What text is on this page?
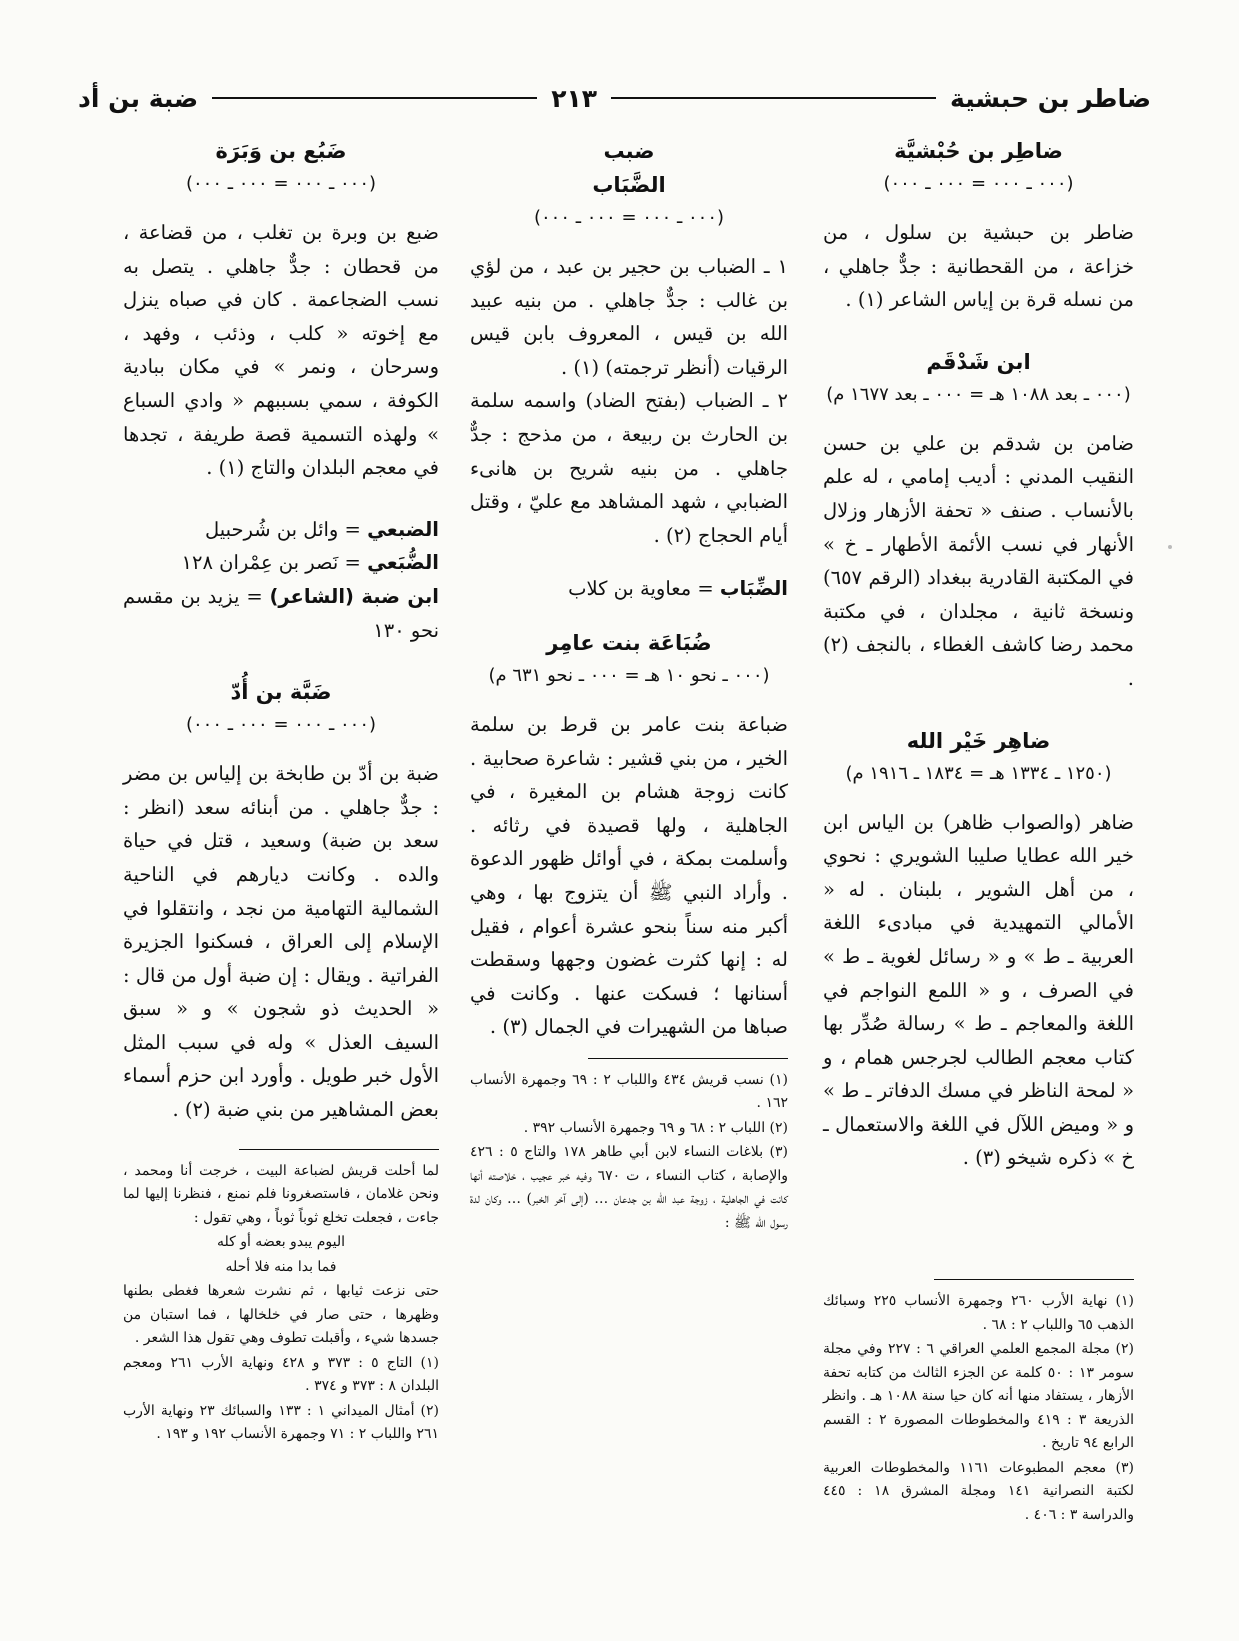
ضاطر بن حبشية
٢١٣
ضبة بن أد
ضاطِر بن حُبْشيَّة
(٠٠٠ ـ ٠٠٠ = ٠٠٠ ـ ٠٠٠)

ضاطر بن حبشية بن سلول ، من خزاعة ، من القحطانية : جدٌّ جاهلي ، من نسله قرة بن إياس الشاعر (١) .

ابن شَدْقَم
(٠٠٠ ـ بعد ١٠٨٨ هـ = ٠٠٠ ـ بعد ١٦٧٧ م)

ضامن بن شدقم بن علي بن حسن النقيب المدني : أديب إمامي ، له علم بالأنساب . صنف « تحفة الأزهار وزلال الأنهار في نسب الأئمة الأطهار ـ خ » في المكتبة القادرية ببغداد (الرقم ٦٥٧) ونسخة ثانية ، مجلدان ، في مكتبة محمد رضا كاشف الغطاء ، بالنجف (٢) .

ضاهِر خَيْر الله
(١٢٥٠ ـ ١٣٣٤ هـ = ١٨٣٤ ـ ١٩١٦ م)

ضاهر (والصواب ظاهر) بن الياس ابن خير الله عطايا صليبا الشويري : نحوي ، من أهل الشوير ، بلبنان . له « الأمالي التمهيدية في مبادىء اللغة العربية ـ ط » و « رسائل لغوية ـ ط » في الصرف ، و « اللمع النواجم في اللغة والمعاجم ـ ط » رسالة صُدِّر بها كتاب معجم الطالب لجرجس همام ، و « لمحة الناظر في مسك الدفاتر ـ ط » و « وميض اللآل في اللغة والاستعمال ـ خ » ذكره شيخو (٣) .

(١) نهاية الأرب ٢٦٠ وجمهرة الأنساب ٢٢٥ وسبائك الذهب ٦٥ واللباب ٢ : ٦٨ .

(٢) مجلة المجمع العلمي العراقي ٦ : ٢٢٧ وفي مجلة سومر ١٣ : ٥٠ كلمة عن الجزء الثالث من كتابه تحفة الأزهار ، يستفاد منها أنه كان حيا سنة ١٠٨٨ هـ . وانظر الذريعة ٣ : ٤١٩ والمخطوطات المصورة ٢ : القسم الرابع ٩٤ تاريخ .

(٣) معجم المطبوعات ١١٦١ والمخطوطات العربية لكتبة النصرانية ١٤١ ومجلة المشرق ١٨ : ٤٤٥ والدراسة ٣ : ٤٠٦ .

ضبب
الضَّبَاب
(٠٠٠ ـ ٠٠٠ = ٠٠٠ ـ ٠٠٠)

١ ـ الضباب بن حجير بن عبد ، من لؤي بن غالب : جدٌّ جاهلي . من بنيه عبيد الله بن قيس ، المعروف بابن قيس الرقيات (أنظر ترجمته) (١) .

٢ ـ الضباب (بفتح الضاد) واسمه سلمة بن الحارث بن ربيعة ، من مذحج : جدٌّ جاهلي . من بنيه شريح بن هانىء الضبابي ، شهد المشاهد مع عليّ ، وقتل أيام الحجاج (٢) .

الضِّبَاب = معاوية بن كلاب

ضُبَاعَة بنت عامِر
(٠٠٠ ـ نحو ١٠ هـ = ٠٠٠ ـ نحو ٦٣١ م)

ضباعة بنت عامر بن قرط بن سلمة الخير ، من بني قشير : شاعرة صحابية . كانت زوجة هشام بن المغيرة ، في الجاهلية ، ولها قصيدة في رثائه . وأسلمت بمكة ، في أوائل ظهور الدعوة . وأراد النبي ﷺ أن يتزوج بها ، وهي أكبر منه سناً بنحو عشرة أعوام ، فقيل له : إنها كثرت غضون وجهها وسقطت أسنانها ؛ فسكت عنها . وكانت في صباها من الشهيرات في الجمال (٣) .

(١) نسب قريش ٤٣٤ واللباب ٢ : ٦٩ وجمهرة الأنساب ١٦٢ .

(٢) اللباب ٢ : ٦٨ و ٦٩ وجمهرة الأنساب ٣٩٢ .

(٣) بلاغات النساء لابن أبي طاهر ١٧٨ والتاج ٥ : ٤٢٦ والإصابة ، كتاب النساء ، ت ٦٧٠ وفيه خبر عجيب ، خلاصته أنها كانت في الجاهلية ، زوجة عبد الله بن جدعان … (إلى آخر الخبر) … وكان لدة رسول الله ﷺ :

ضَبُع بن وَبَرَة
(٠٠٠ ـ ٠٠٠ = ٠٠٠ ـ ٠٠٠)

ضبع بن وبرة بن تغلب ، من قضاعة ، من قحطان : جدٌّ جاهلي . يتصل به نسب الضجاعمة . كان في صباه ينزل مع إخوته « كلب ، وذئب ، وفهد ، وسرحان ، ونمر » في مكان ببادية الكوفة ، سمي بسببهم « وادي السباع » ولهذه التسمية قصة طريفة ، تجدها في معجم البلدان والتاج (١) .

الضبعي = وائل بن شُرحبيل

الضُّبَعي = نَصر بن عِمْران ١٢٨

ابن ضبة (الشاعر) = يزيد بن مقسم نحو ١٣٠

ضَبَّة بن أُدّ
(٠٠٠ ـ ٠٠٠ = ٠٠٠ ـ ٠٠٠)

ضبة بن أدّ بن طابخة بن إلياس بن مضر : جدٌّ جاهلي . من أبنائه سعد (انظر : سعد بن ضبة) وسعيد ، قتل في حياة والده . وكانت ديارهم في الناحية الشمالية التهامية من نجد ، وانتقلوا في الإسلام إلى العراق ، فسكنوا الجزيرة الفراتية . ويقال : إن ضبة أول من قال : « الحديث ذو شجون » و « سبق السيف العذل » وله في سبب المثل الأول خبر طويل . وأورد ابن حزم أسماء بعض المشاهير من بني ضبة (٢) .

لما أحلت قريش لضباعة البيت ، خرجت أنا ومحمد ، ونحن غلامان ، فاستصغرونا فلم نمنع ، فنظرنا إليها لما جاءت ، فجعلت تخلع ثوباً ثوباً ، وهي تقول :

اليوم يبدو بعضه أو كله

فما بدا منه فلا أحله

حتى نزعت ثيابها ، ثم نشرت شعرها فغطى بطنها وظهرها ، حتى صار في خلخالها ، فما استبان من جسدها شيء ، وأقبلت تطوف وهي تقول هذا الشعر .

(١) التاج ٥ : ٣٧٣ و ٤٢٨ ونهاية الأرب ٢٦١ ومعجم البلدان ٨ : ٣٧٣ و ٣٧٤ .

(٢) أمثال الميداني ١ : ١٣٣ والسبائك ٢٣ ونهاية الأرب ٢٦١ واللباب ٢ : ٧١ وجمهرة الأنساب ١٩٢ و ١٩٣ .
